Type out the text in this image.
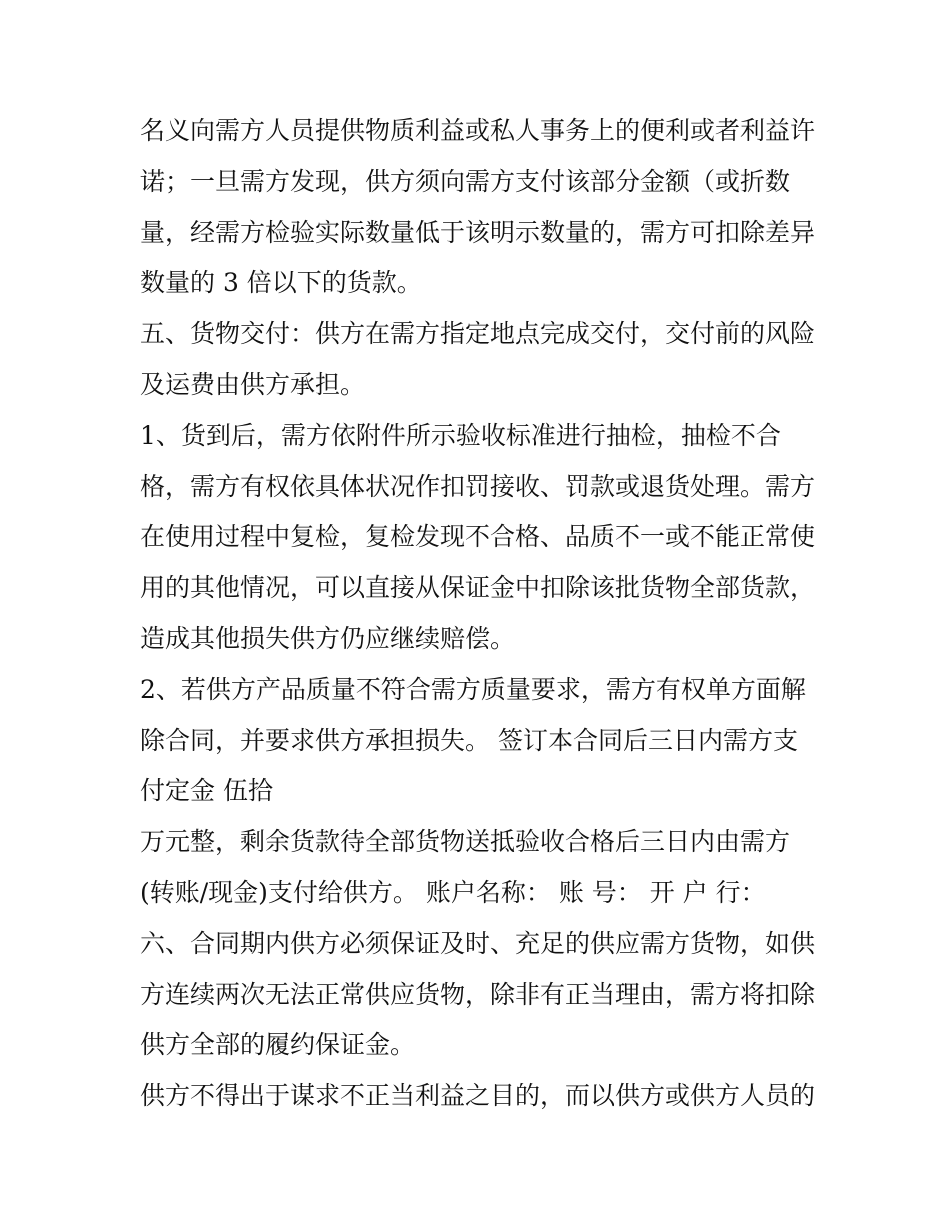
名义向需方人员提供物质利益或私人事务上的便利或者利益许
诺；一旦需方发现，供方须向需方支付该部分金额（或折数
量，经需方检验实际数量低于该明示数量的，需方可扣除差异
数量的 3 倍以下的货款。
五、货物交付：供方在需方指定地点完成交付，交付前的风险
及运费由供方承担。
1、货到后，需方依附件所示验收标准进行抽检，抽检不合
格，需方有权依具体状况作扣罚接收、罚款或退货处理。需方
在使用过程中复检，复检发现不合格、品质不一或不能正常使
用的其他情况，可以直接从保证金中扣除该批货物全部货款，
造成其他损失供方仍应继续赔偿。
2、若供方产品质量不符合需方质量要求，需方有权单方面解
除合同，并要求供方承担损失。 签订本合同后三日内需方支
付定金 伍拾
万元整，剩余货款待全部货物送抵验收合格后三日内由需方
(转账/现金)支付给供方。 账户名称： 账 号： 开 户 行：
六、合同期内供方必须保证及时、充足的供应需方货物，如供
方连续两次无法正常供应货物，除非有正当理由，需方将扣除
供方全部的履约保证金。
供方不得出于谋求不正当利益之目的，而以供方或供方人员的
